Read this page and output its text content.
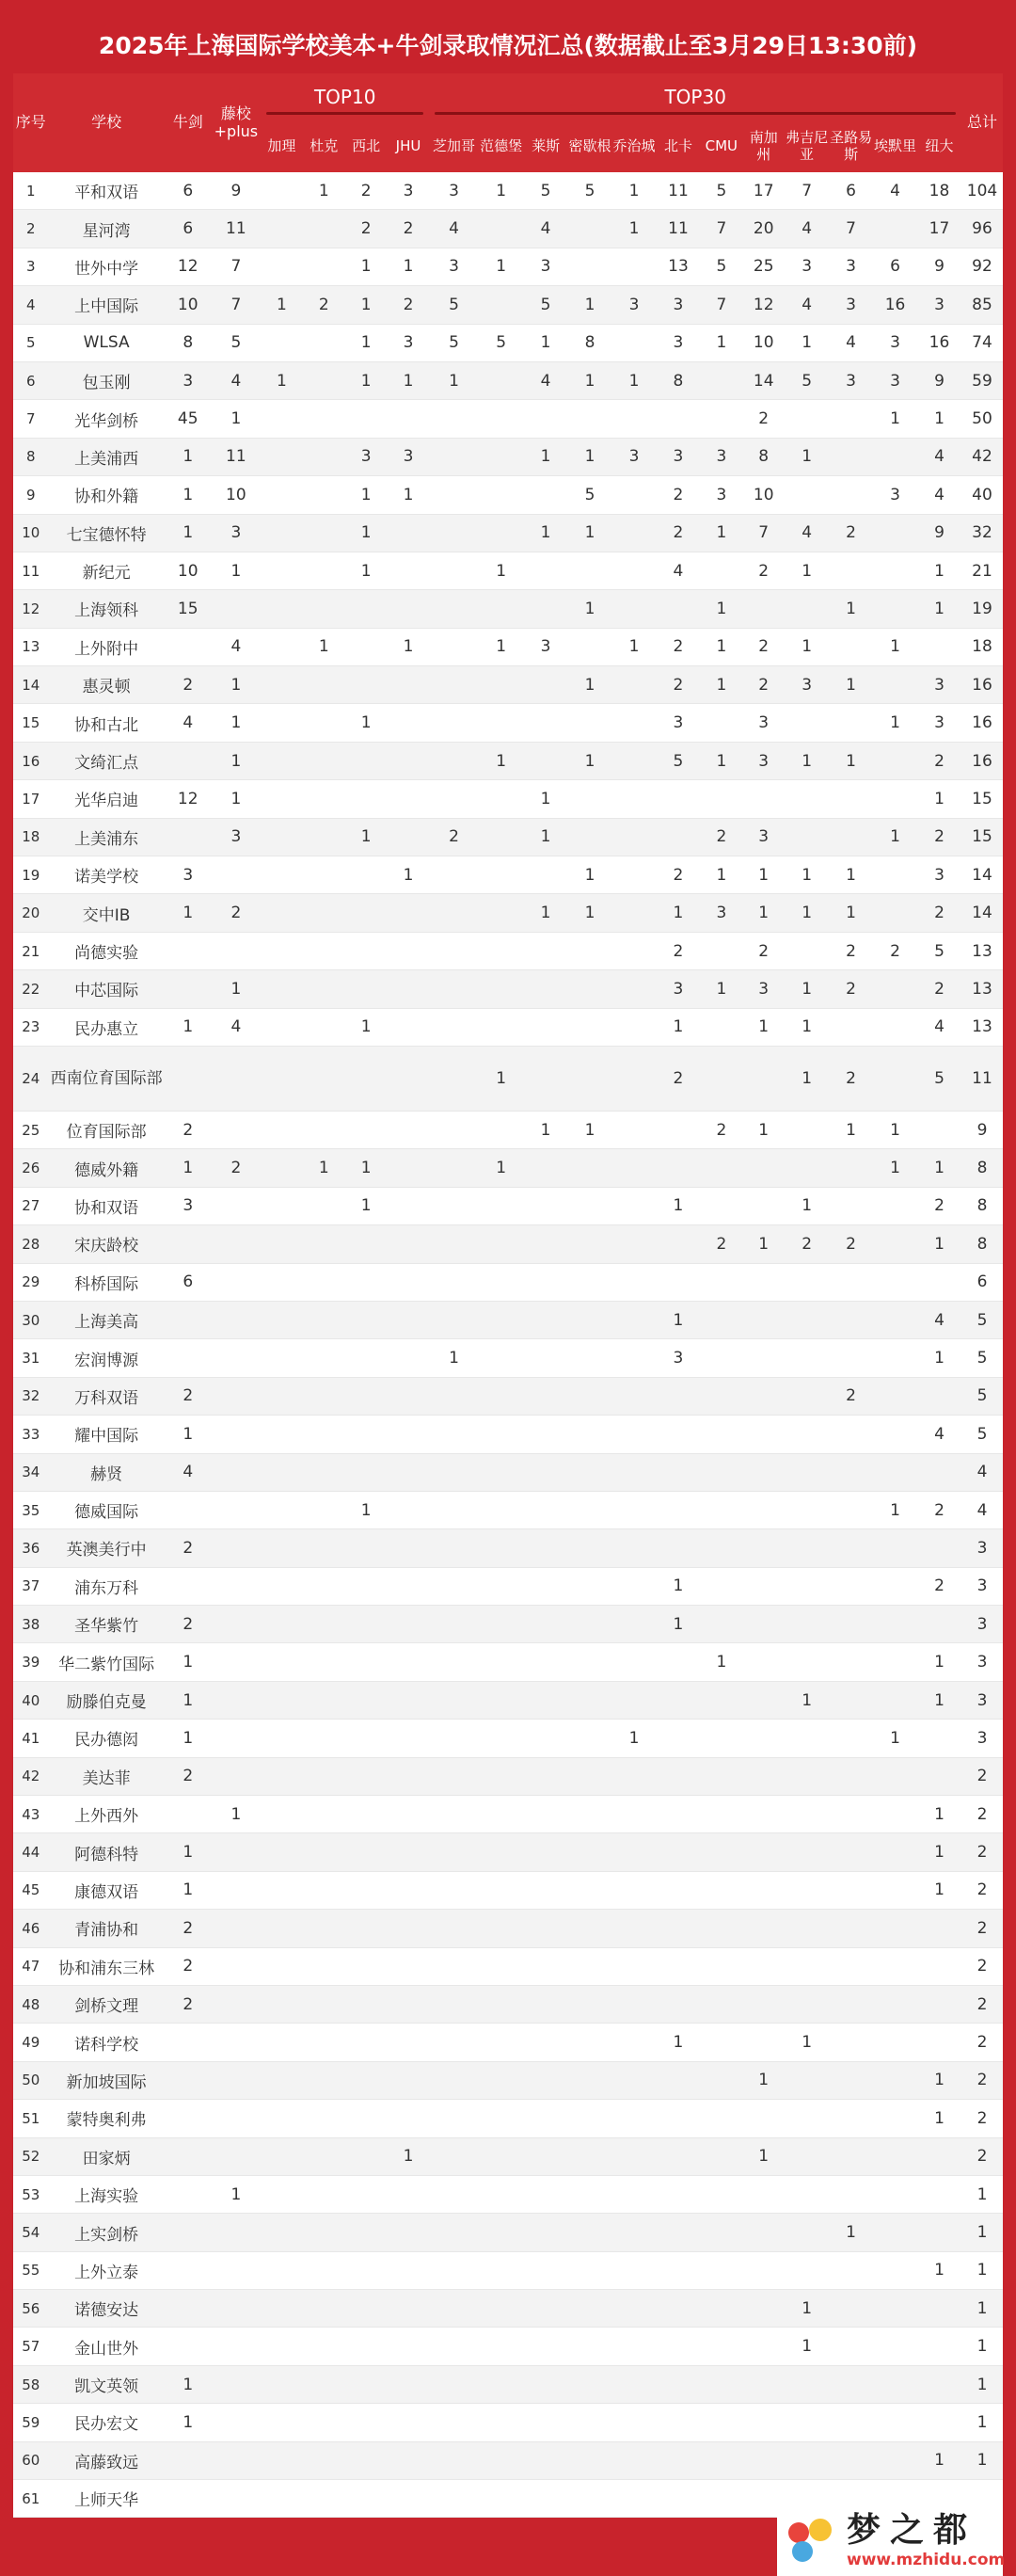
2025年上海国际学校美本+牛剑录取情况汇总(数据截止至3月29日13:30前)
序号	学校	牛剑	藤校+plus	TOP10				TOP30												总计
				加理	杜克	西北	JHU	芝加哥	范德堡	莱斯	密歇根	乔治城	北卡	CMU	南加州	弗吉尼亚	圣路易斯	埃默里	纽大	
1	平和双语	6	9		1	2	3	3	1	5	5	1	11	5	17	7	6	4	18	104
2	星河湾	6	11			2	2	4		4		1	11	7	20	4	7		17	96
3	世外中学	12	7			1	1	3	1	3			13	5	25	3	3	6	9	92
4	上中国际	10	7	1	2	1	2	5		5	1	3	3	7	12	4	3	16	3	85
5	WLSA	8	5			1	3	5	5	1	8		3	1	10	1	4	3	16	74
6	包玉刚	3	4	1		1	1	1		4	1	1	8		14	5	3	3	9	59
7	光华剑桥	45	1												2			1	1	50
8	上美浦西	1	11			3	3			1	1	3	3	3	8	1			4	42
9	协和外籍	1	10			1	1				5		2	3	10			3	4	40
10	七宝德怀特	1	3			1				1	1		2	1	7	4	2		9	32
11	新纪元	10	1			1			1				4		2	1			1	21
12	上海领科	15									1			1			1		1	19
13	上外附中		4		1		1		1	3		1	2	1	2	1		1		18
14	惠灵顿	2	1								1		2	1	2	3	1		3	16
15	协和古北	4	1			1							3		3			1	3	16
16	文绮汇点		1						1		1		5	1	3	1	1		2	16
17	光华启迪	12	1							1									1	15
18	上美浦东		3			1		2		1				2	3			1	2	15
19	诺美学校	3					1				1		2	1	1	1	1		3	14
20	交中IB	1	2							1	1		1	3	1	1	1		2	14
21	尚德实验												2		2		2	2	5	13
22	中芯国际		1										3	1	3	1	2		2	13
23	民办惠立	1	4			1							1		1	1			4	13
24	西南位育国际部								1				2			1	2		5	11
25	位育国际部	2								1	1			2	1		1	1		9
26	德威外籍	1	2		1	1			1									1	1	8
27	协和双语	3				1							1			1			2	8
28	宋庆龄校													2	1	2	2		1	8
29	科桥国际	6																		6
30	上海美高												1						4	5
31	宏润博源							1					3						1	5
32	万科双语	2															2			5
33	耀中国际	1																	4	5
34	赫贤	4																		4
35	德威国际					1												1	2	4
36	英澳美行中	2																		3
37	浦东万科												1						2	3
38	圣华紫竹	2											1							3
39	华二紫竹国际	1												1					1	3
40	励滕伯克曼	1														1			1	3
41	民办德闳	1										1						1		3
42	美达菲	2																		2
43	上外西外		1																1	2
44	阿德科特	1																	1	2
45	康德双语	1																	1	2
46	青浦协和	2																		2
47	协和浦东三林	2																		2
48	剑桥文理	2																		2
49	诺科学校												1			1				2
50	新加坡国际														1				1	2
51	蒙特奥利弗																		1	2
52	田家炳						1								1					2
53	上海实验		1																	1
54	上实剑桥																1			1
55	上外立泰																		1	1
56	诺德安达															1				1
57	金山世外															1				1
58	凯文英领	1																		1
59	民办宏文	1																		1
60	高藤致远																		1	1
61	上师天华																			
梦之都
www.mzhidu.com
